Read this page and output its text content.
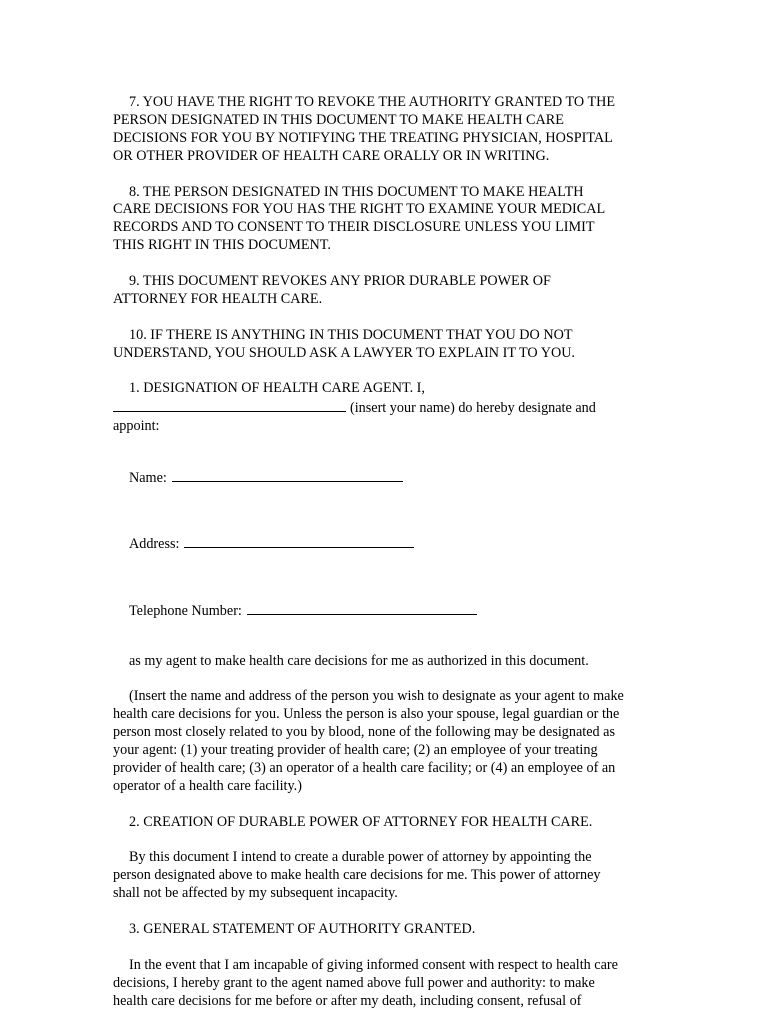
7. YOU HAVE THE RIGHT TO REVOKE THE AUTHORITY GRANTED TO THE

PERSON DESIGNATED IN THIS DOCUMENT TO MAKE HEALTH CARE

DECISIONS FOR YOU BY NOTIFYING THE TREATING PHYSICIAN, HOSPITAL

OR OTHER PROVIDER OF HEALTH CARE ORALLY OR IN WRITING.

8. THE PERSON DESIGNATED IN THIS DOCUMENT TO MAKE HEALTH

CARE DECISIONS FOR YOU HAS THE RIGHT TO EXAMINE YOUR MEDICAL

RECORDS AND TO CONSENT TO THEIR DISCLOSURE UNLESS YOU LIMIT

THIS RIGHT IN THIS DOCUMENT.

9. THIS DOCUMENT REVOKES ANY PRIOR DURABLE POWER OF

ATTORNEY FOR HEALTH CARE.

10. IF THERE IS ANYTHING IN THIS DOCUMENT THAT YOU DO NOT

UNDERSTAND, YOU SHOULD ASK A LAWYER TO EXPLAIN IT TO YOU.

1. DESIGNATION OF HEALTH CARE AGENT. I,

(insert your name) do hereby designate and

appoint:

Name:

Address:

Telephone Number:

as my agent to make health care decisions for me as authorized in this document.

(Insert the name and address of the person you wish to designate as your agent to make

health care decisions for you. Unless the person is also your spouse, legal guardian or the

person most closely related to you by blood, none of the following may be designated as

your agent: (1) your treating provider of health care; (2) an employee of your treating

provider of health care; (3) an operator of a health care facility; or (4) an employee of an

operator of a health care facility.)

2. CREATION OF DURABLE POWER OF ATTORNEY FOR HEALTH CARE.

By this document I intend to create a durable power of attorney by appointing the

person designated above to make health care decisions for me. This power of attorney

shall not be affected by my subsequent incapacity.

3. GENERAL STATEMENT OF AUTHORITY GRANTED.

In the event that I am incapable of giving informed consent with respect to health care

decisions, I hereby grant to the agent named above full power and authority: to make

health care decisions for me before or after my death, including consent, refusal of
